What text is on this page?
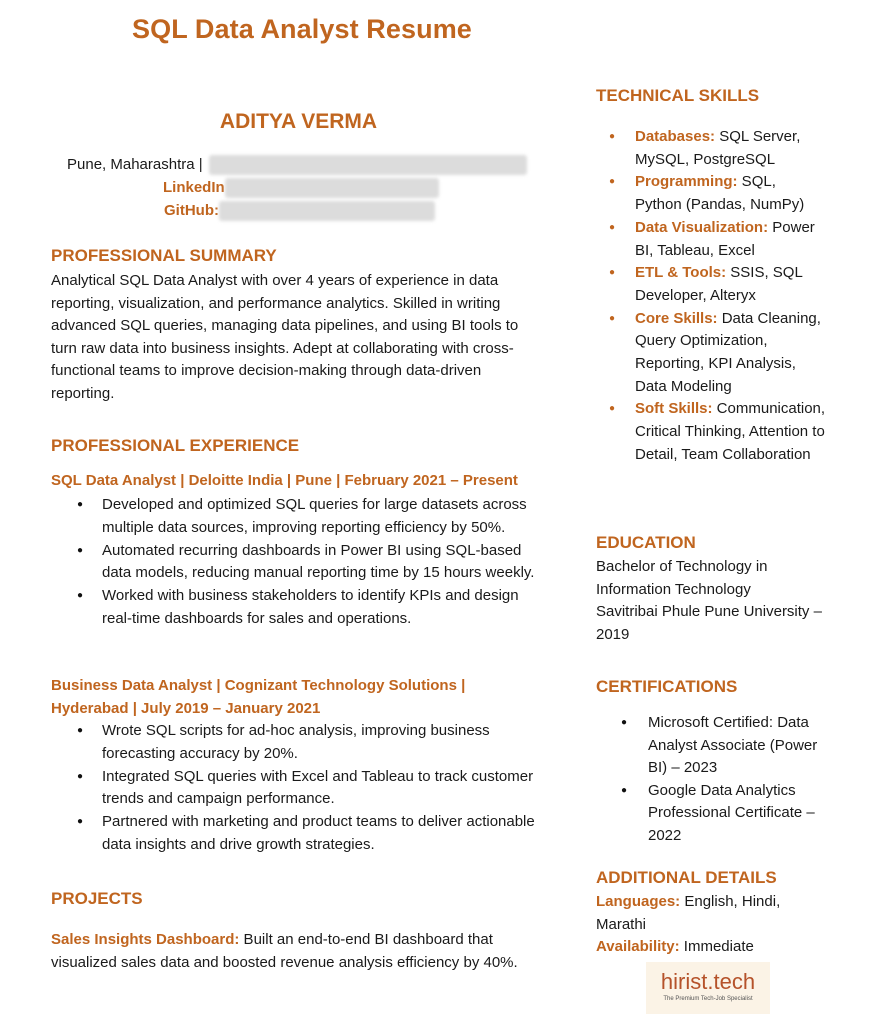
SQL Data Analyst Resume
ADITYA VERMA
Pune, Maharashtra |
LinkedIn
GitHub:
PROFESSIONAL SUMMARY

Analytical SQL Data Analyst with over 4 years of experience in data reporting, visualization, and performance analytics. Skilled in writing advanced SQL queries, managing data pipelines, and using BI tools to turn raw data into business insights. Adept at collaborating with cross-functional teams to improve decision-making through data-driven reporting.

PROFESSIONAL EXPERIENCE

SQL Data Analyst | Deloitte India | Pune | February 2021 – Present

● Developed and optimized SQL queries for large datasets across multiple data sources, improving reporting efficiency by 50%.
● Automated recurring dashboards in Power BI using SQL-based data models, reducing manual reporting time by 15 hours weekly.
● Worked with business stakeholders to identify KPIs and design real-time dashboards for sales and operations.

Business Data Analyst | Cognizant Technology Solutions | Hyderabad | July 2019 – January 2021

● Wrote SQL scripts for ad-hoc analysis, improving business forecasting accuracy by 20%.
● Integrated SQL queries with Excel and Tableau to track customer trends and campaign performance.
● Partnered with marketing and product teams to deliver actionable data insights and drive growth strategies.
PROJECTS

Sales Insights Dashboard: Built an end-to-end BI dashboard that visualized sales data and boosted revenue analysis efficiency by 40%.

TECHNICAL SKILLS
● Databases: SQL Server, MySQL, PostgreSQL
● Programming: SQL, Python (Pandas, NumPy)
● Data Visualization: Power BI, Tableau, Excel
● ETL & Tools: SSIS, SQL Developer, Alteryx
● Core Skills: Data Cleaning, Query Optimization, Reporting, KPI Analysis, Data Modeling
● Soft Skills: Communication, Critical Thinking, Attention to Detail, Team Collaboration
EDUCATION

Bachelor of Technology in Information Technology

Savitribai Phule Pune University – 2019

CERTIFICATIONS
● Microsoft Certified: Data Analyst Associate (Power BI) – 2023
● Google Data Analytics Professional Certificate – 2022
ADDITIONAL DETAILS

Languages: English, Hindi, Marathi

Availability: Immediate

hirist.tech
The Premium Tech-Job Specialist
